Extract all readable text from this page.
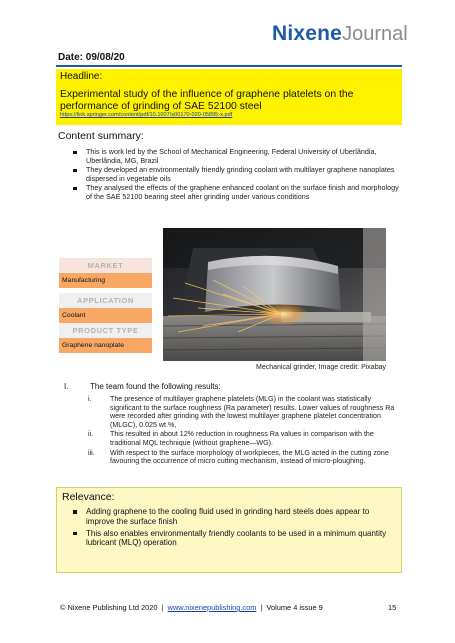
NixeneJournal
Date: 09/08/20
Headline:
Experimental study of the influence of graphene platelets on the performance of grinding of SAE 52100 steel
https://link.springer.com/content/pdf/10.1007/s00170-020-05895-x.pdf
Content summary:
This is work led by the School of Mechanical Engineering, Federal University of Uberlândia, Uberlândia, MG, Brazil
They developed an environmentally friendly grinding coolant with multilayer graphene nanoplates dispersed in vegetable oils
They analysed the effects of the graphene enhanced coolant on the surface finish and morphology of the SAE 52100 bearing steel after grinding under various conditions
MARKET
Manufacturing
APPLICATION
Coolant
PRODUCT TYPE
Graphene nanoplate
Mechanical grinder, Image credit: Pixabay
I.	The team found the following results:
i.	The presence of multilayer graphene platelets (MLG) in the coolant was statistically significant to the surface roughness (Ra parameter) results. Lower values of roughness Ra were recorded after grinding with the lowest multilayer graphene platelet concentration (MLGC), 0.025 wt.%,
ii. This resulted in about 12% reduction in roughness Ra values in comparison with the traditional MQL technique (without graphene—WG).
iii. With respect to the surface morphology of workpieces, the MLG acted in the cutting zone favouring the occurrence of micro cutting mechanism, instead of micro-ploughing.
Relevance:
Adding graphene to the cooling fluid used in grinding hard steels does appear to improve the surface finish
This also enables environmentally friendly coolants to be used in a minimum quantity lubricant (MLQ) operation
© Nixene Publishing Ltd 2020 | www.nixenepublishing.com | Volume 4 issue 9	15
